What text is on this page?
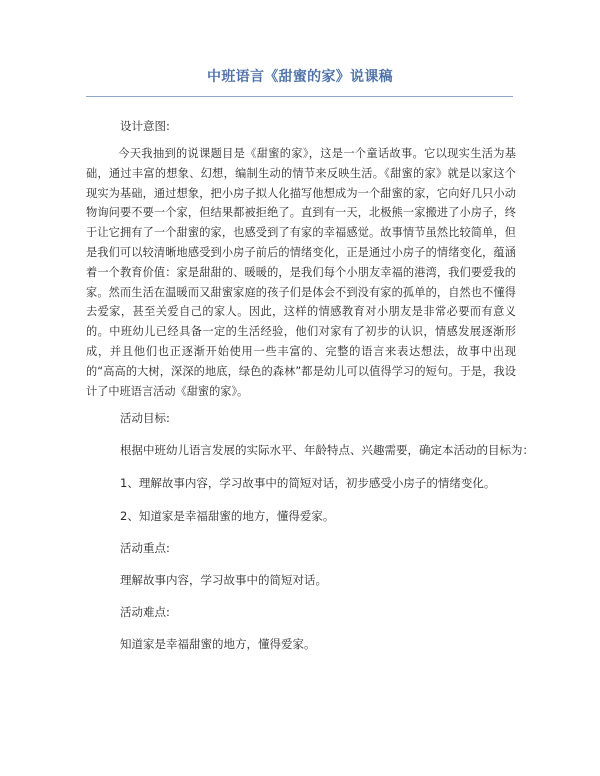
中班语言《甜蜜的家》说课稿

设计意图:

今天我抽到的说课题目是《甜蜜的家》，这是一个童话故事。它以现实生活为基础，通过丰富的想象、幻想，编制生动的情节来反映生活。《甜蜜的家》就是以家这个现实为基础，通过想象，把小房子拟人化描写他想成为一个甜蜜的家，它向好几只小动物询问要不要一个家，但结果都被拒绝了。直到有一天，北极熊一家搬进了小房子，终于让它拥有了一个甜蜜的家，也感受到了有家的幸福感觉。故事情节虽然比较简单，但是我们可以较清晰地感受到小房子前后的情绪变化，正是通过小房子的情绪变化，蕴涵着一个教育价值：家是甜甜的、暖暖的，是我们每个小朋友幸福的港湾，我们要爱我的家。然而生活在温暖而又甜蜜家庭的孩子们是体会不到没有家的孤单的，自然也不懂得去爱家，甚至关爱自己的家人。因此，这样的情感教育对小朋友是非常必要而有意义的。中班幼儿已经具备一定的生活经验，他们对家有了初步的认识，情感发展逐渐形成，并且他们也正逐渐开始使用一些丰富的、完整的语言来表达想法，故事中出现的“高高的大树，深深的地底，绿色的森林”都是幼儿可以值得学习的短句。于是，我设计了中班语言活动《甜蜜的家》。

活动目标:

根据中班幼儿语言发展的实际水平、年龄特点、兴趣需要，确定本活动的目标为：

1、理解故事内容，学习故事中的简短对话，初步感受小房子的情绪变化。

2、知道家是幸福甜蜜的地方，懂得爱家。

活动重点:

理解故事内容，学习故事中的简短对话。

活动难点:

知道家是幸福甜蜜的地方，懂得爱家。
